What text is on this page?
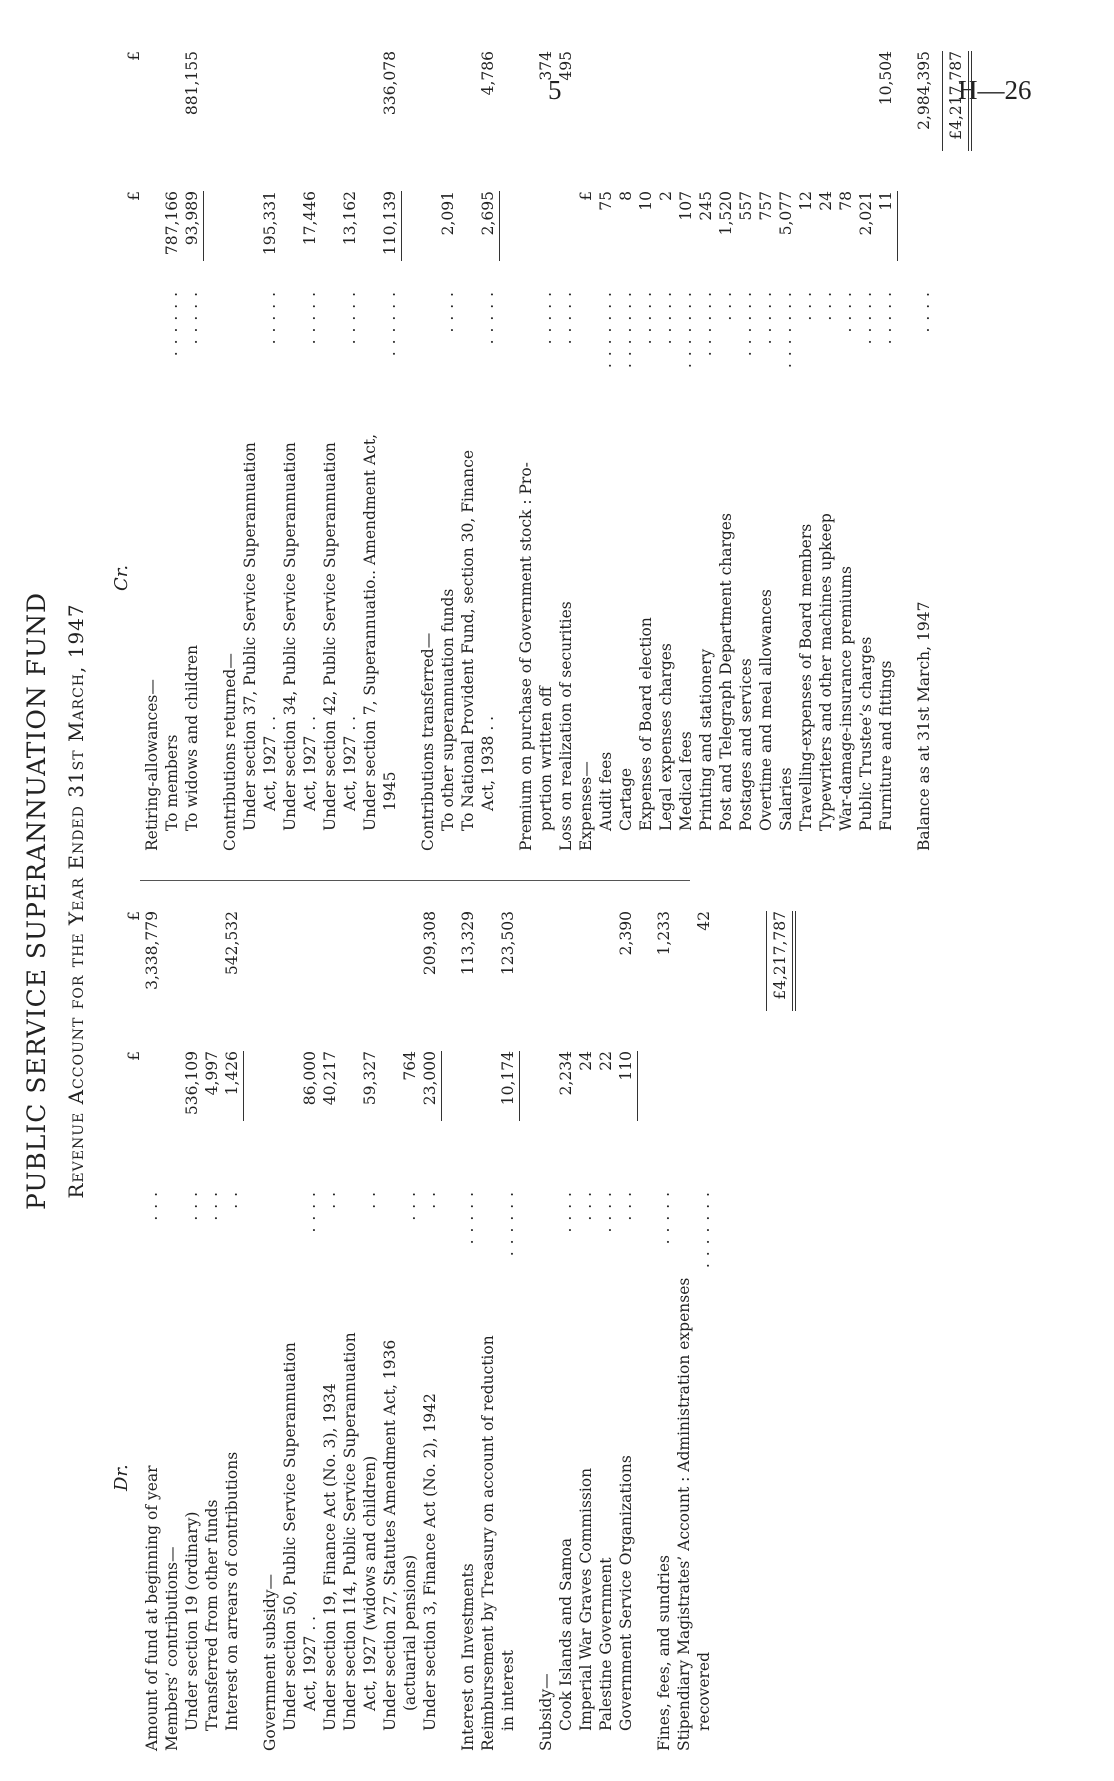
5	H—26
PUBLIC SERVICE SUPERANNUATION FUND Revenue Account for the Year Ended 31st March, 1947
Dr.
£
£
Amount of fund at beginning of year
. . .
3,338,779
Members’ contributions— Under section 19 (ordinary)
. . .
536,109
Transferred from other funds
. . .
4,997
Interest on arrears of contributions
. .
1,426
542,532
Government subsidy— Under section 50, Public Service Superannuation Act, 1927 . .
. . . .
86,000
Under section 19, Finance Act (No. 3), 1934
. .
40,217
Under section 114, Public Service Superannuation Act, 1927 (widows and children)
. .
59,327
Under section 27, Statutes Amendment Act, 1936 (actuarial pensions)
. . .
764
Under section 3, Finance Act (No. 2), 1942
. .
23,000
209,308
Interest on Investments
. . . . .
113,329
Reimbursement by Treasury on account of reduction in interest
. . . . . .
10,174
123,503
Subsidy— Cook Islands and Samoa
. . . .
2,234
Imperial War Graves Commission
. . .
24
Palestine Government
. . . .
22
Government Service Organizations
. . .
110
2,390
Fines, fees, and sundries
. . . . .
1,233
Stipendiary Magistrates’ Account : Administration expenses recovered
. . . . . . .
42	£4,217,787
Cr.
£
£
Retiring-allowances— To members
. . . . . .
787,166
To widows and children
. . . . .
93,989
881,155
Contributions returned— Under section 37, Public Service Superannuation Act, 1927 . .
. . . . .
195,331
Under section 34, Public Service Superannuation Act, 1927 . .
. . . . .
17,446
Under section 42, Public Service Superannuation Act, 1927 . .
. . . . .
13,162
Under section 7, Superannuatio.. Amendment Act, 1945
. . . . . .
110,139
336,078
Contributions transferred— To other superannuation funds
. . . .
2,091
To National Provident Fund, section 30, Finance Act, 1938 . .
. . . . .
2,695
4,786
Premium on purchase of Government stock : Pro- portion written off
. . . . .
374
Loss on realization of securities
. . . . .
495
Expenses—
£
Audit fees
. . . . . . .
75
Cartage
. . . . . . .
8
Expenses of Board election
. . . . .
10
Legal expenses charges
. . . . .
2
Medical fees
. . . . . . .
107
Printing and stationery
. . . . . .
245
Post and Telegraph Department charges
. . .
1,520
Postages and services
. . . . . .
557
Overtime and meal allowances
. . . . .
757
Salaries
. . . . . . .
5,077
Travelling-expenses of Board members
. . .
12
Typewriters and other machines upkeep
. . .
24
War-damage-insurance premiums
. . . .
78
Public Trustee’s charges
. . . . .
2,021
Furniture and fittings
. . . . .
11
10,504
Balance as at 31st March, 1947
. . . .
2,984,395 £4,217,787
